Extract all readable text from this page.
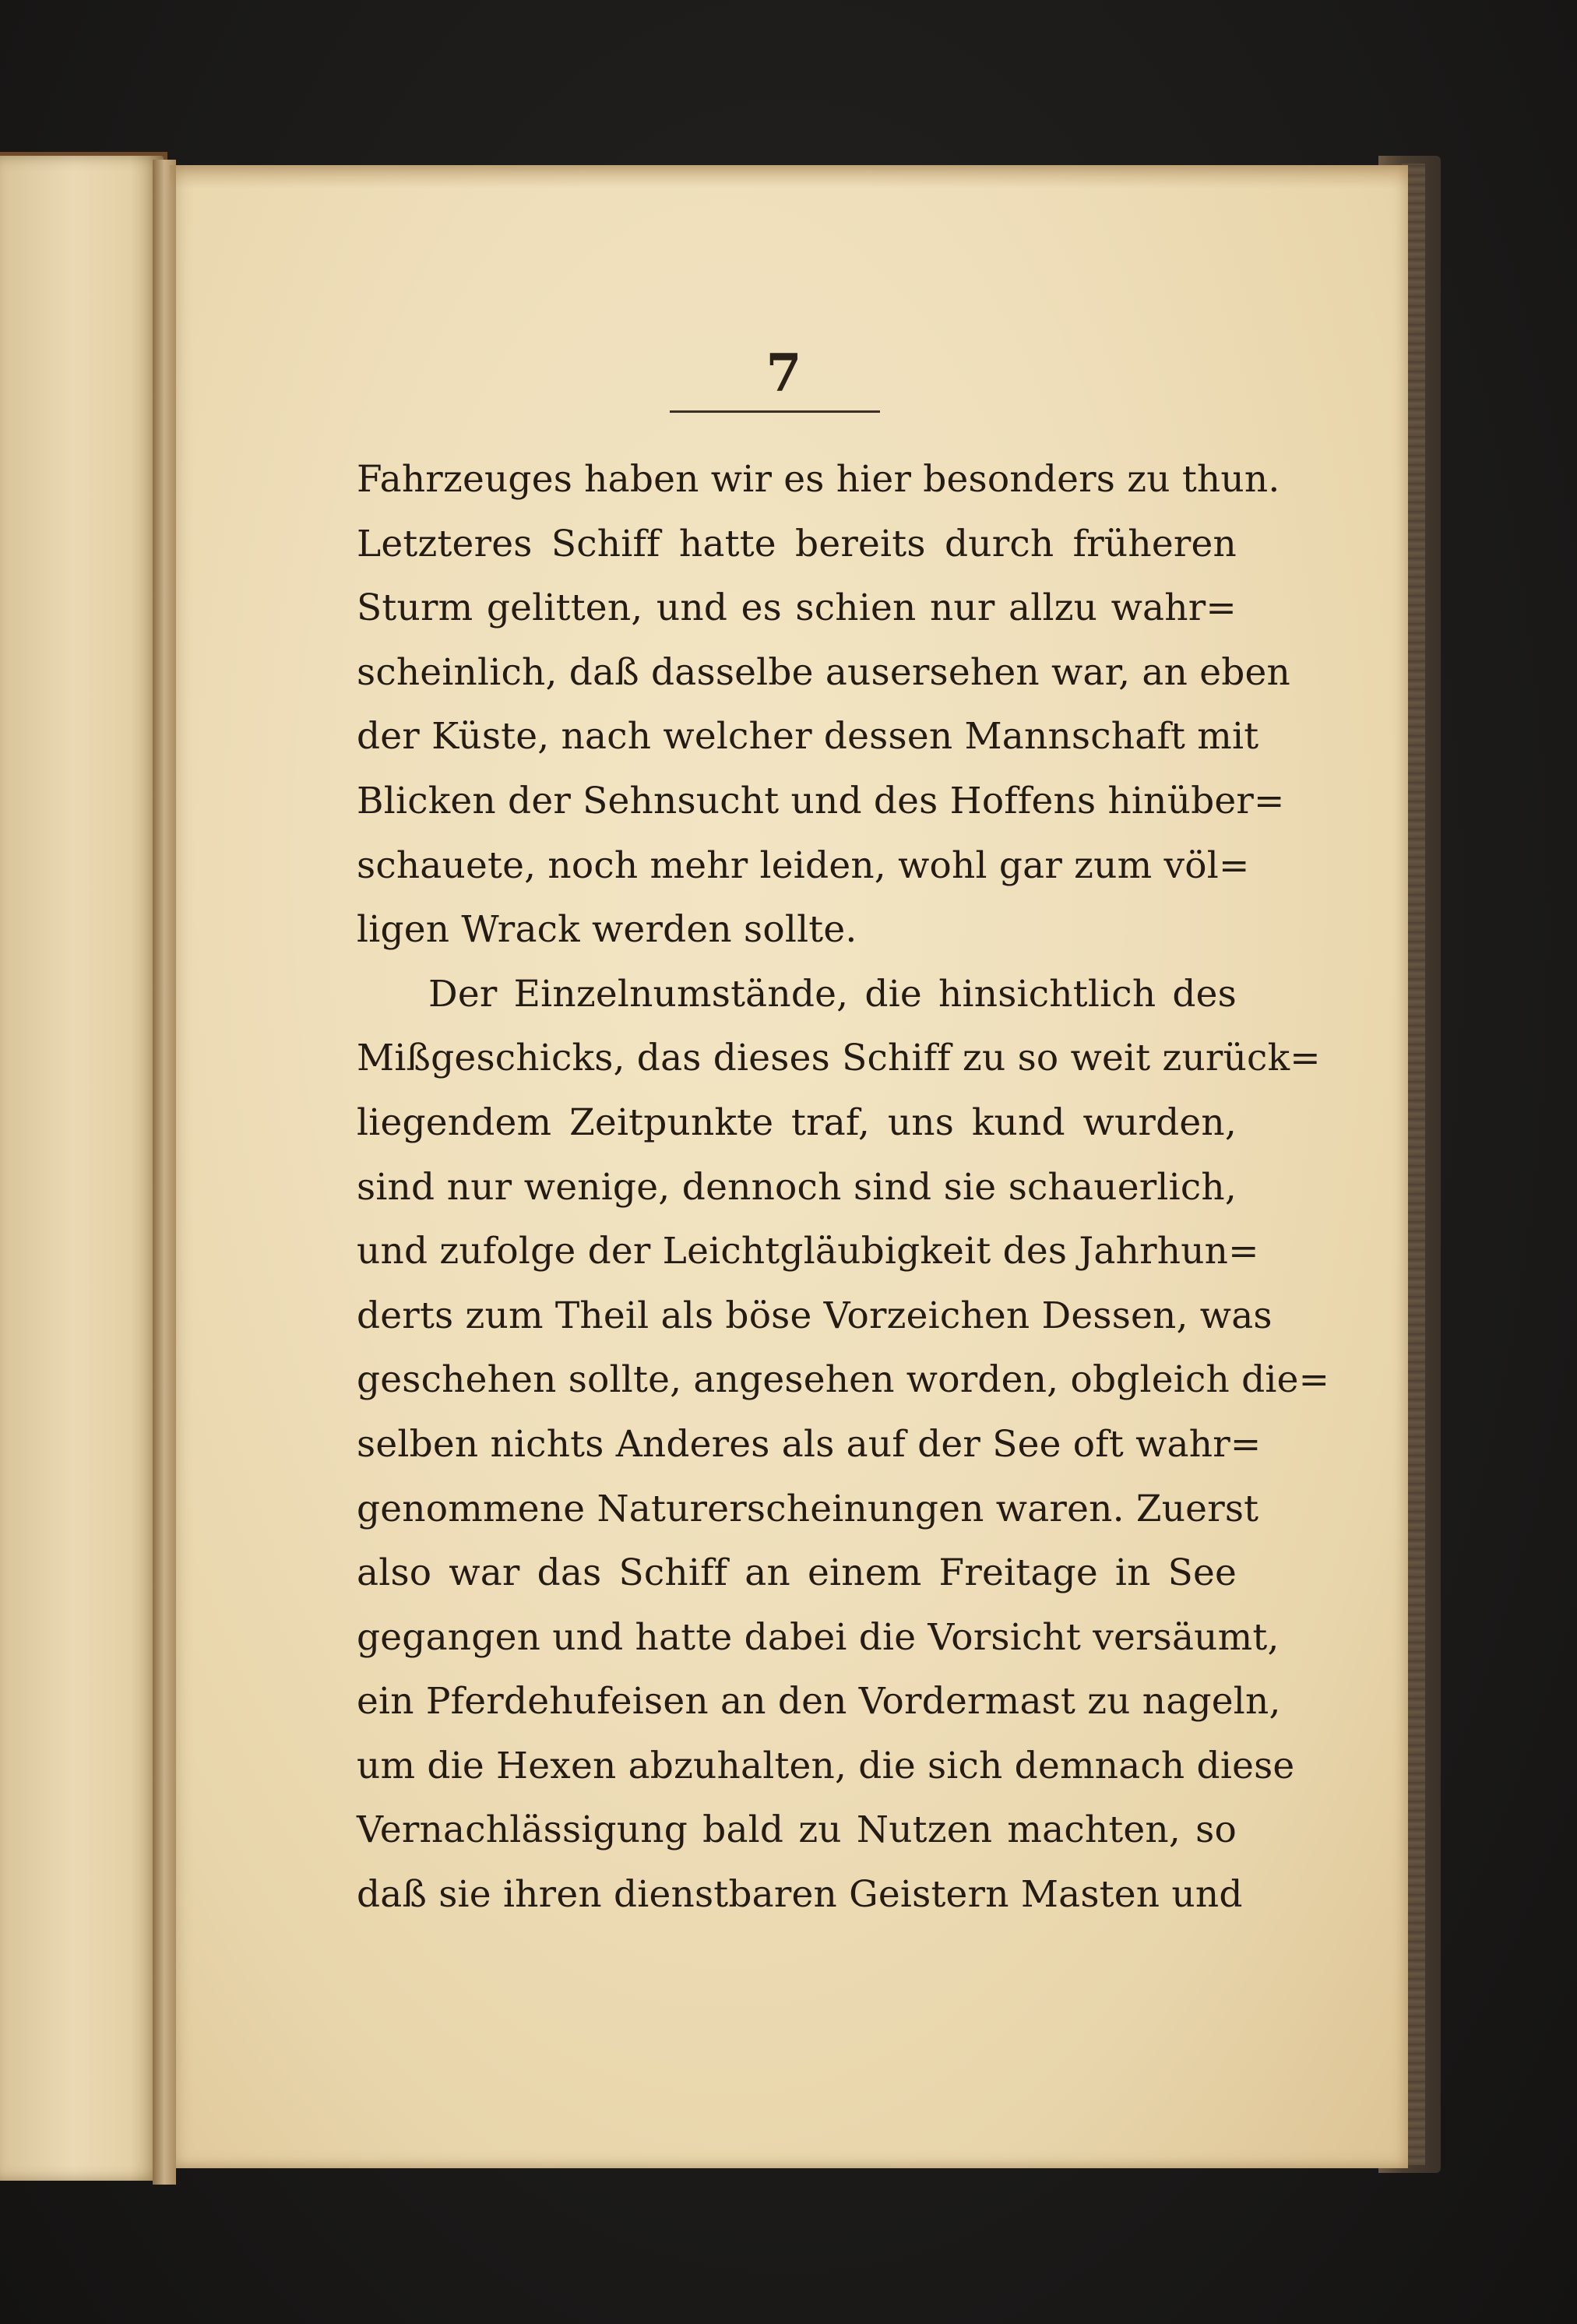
7
Fahrzeuges haben wir es hier besonders zu thun.
Letzteres Schiff hatte bereits durch früheren
Sturm gelitten, und es schien nur allzu wahr=
scheinlich, daß dasselbe ausersehen war, an eben
der Küste, nach welcher dessen Mannschaft mit
Blicken der Sehnsucht und des Hoffens hinüber=
schauete, noch mehr leiden, wohl gar zum völ=
ligen Wrack werden sollte.
Der Einzelnumstände, die hinsichtlich des
Mißgeschicks, das dieses Schiff zu so weit zurück=
liegendem Zeitpunkte traf, uns kund wurden,
sind nur wenige, dennoch sind sie schauerlich,
und zufolge der Leichtgläubigkeit des Jahrhun=
derts zum Theil als böse Vorzeichen Dessen, was
geschehen sollte, angesehen worden, obgleich die=
selben nichts Anderes als auf der See oft wahr=
genommene Naturerscheinungen waren. Zuerst
also war das Schiff an einem Freitage in See
gegangen und hatte dabei die Vorsicht versäumt,
ein Pferdehufeisen an den Vordermast zu nageln,
um die Hexen abzuhalten, die sich demnach diese
Vernachlässigung bald zu Nutzen machten, so
daß sie ihren dienstbaren Geistern Masten und
